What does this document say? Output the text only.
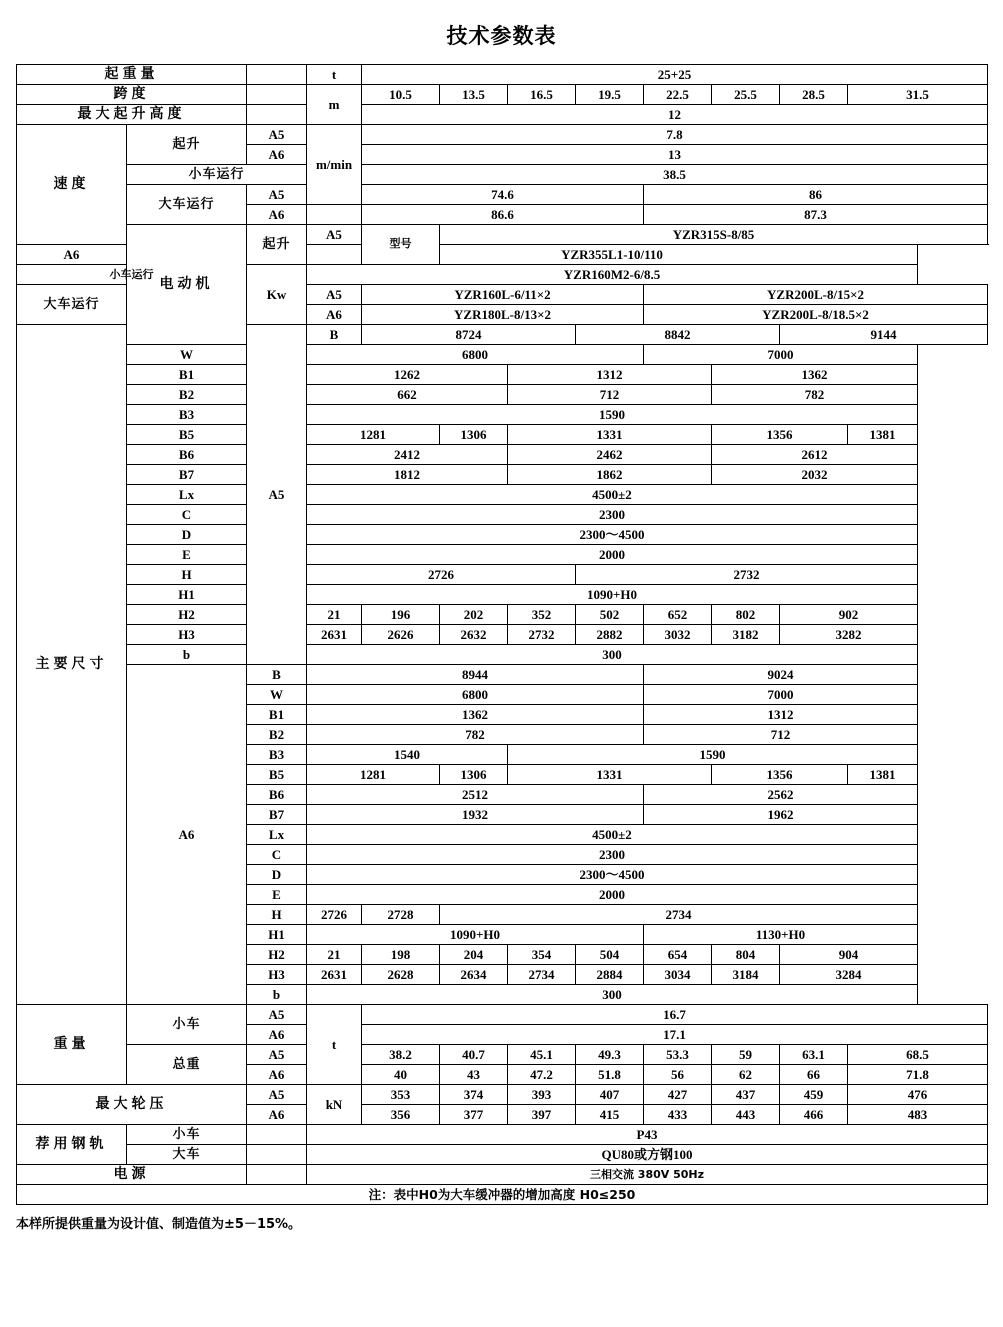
技术参数表
起重量			t	25+25							
跨度			m	10.5	13.5	16.5	19.5	22.5	25.5	28.5	31.5
最大起升高度				12							
速度	起升	A5	m/min	7.8							
		A6		13							
	小车运行			38.5							
	大车运行	A5		74.6				86			
		A6		86.6				87.3			
	电动机	起升	A5	型号	YZR315S-8/85						
A6			YZR355L1-10/110								
小车运行		Kw	YZR160M2-6/8.5								
大车运行			A5	YZR160L-6/11×2				YZR200L-8/15×2			
			A6	YZR180L-8/13×2				YZR200L-8/18.5×2			
主要尺寸		A5	B	8724			8842			9144	
	W		6800					7000			
	B1		1262			1312			1362		
	B2		662			712			782		
	B3		1590								
	B5		1281		1306	1331			1356		1381
	B6		2412			2462			2612		
	B7		1812			1862			2032		
	Lx		4500±2								
	C		2300								
	D		2300～4500								
	E		2000								
	H		2726				2732				
	H1		1090+H0								
	H2		21	196	202	352	502	652	802	902	
	H3		2631	2626	2632	2732	2882	3032	3182	3282	
	b		300								
	A6	B	8944					9024			
		W	6800					7000			
		B1	1362					1312			
		B2	782					712			
		B3	1540			1590					
		B5	1281		1306	1331			1356		1381
		B6	2512					2562			
		B7	1932					1962			
		Lx	4500±2								
		C	2300								
		D	2300～4500								
		E	2000								
		H	2726	2728	2734						
		H1	1090+H0					1130+H0			
		H2	21	198	204	354	504	654	804	904	
		H3	2631	2628	2634	2734	2884	3034	3184	3284	
		b	300								
重量	小车	A5	t	16.7							
		A6		17.1							
	总重	A5		38.2	40.7	45.1	49.3	53.3	59	63.1	68.5
		A6		40	43	47.2	51.8	56	62	66	71.8
最大轮压		A5	kN	353	374	393	407	427	437	459	476
		A6		356	377	397	415	433	443	466	483
荐用钢轨	小车		P43								
	大车		QU80或方钢100								
电源			三相交流 380V 50Hz								
注：表中H0为大车缓冲器的增加高度 H0≤250											
本样所提供重量为设计值、制造值为±5－15%。
